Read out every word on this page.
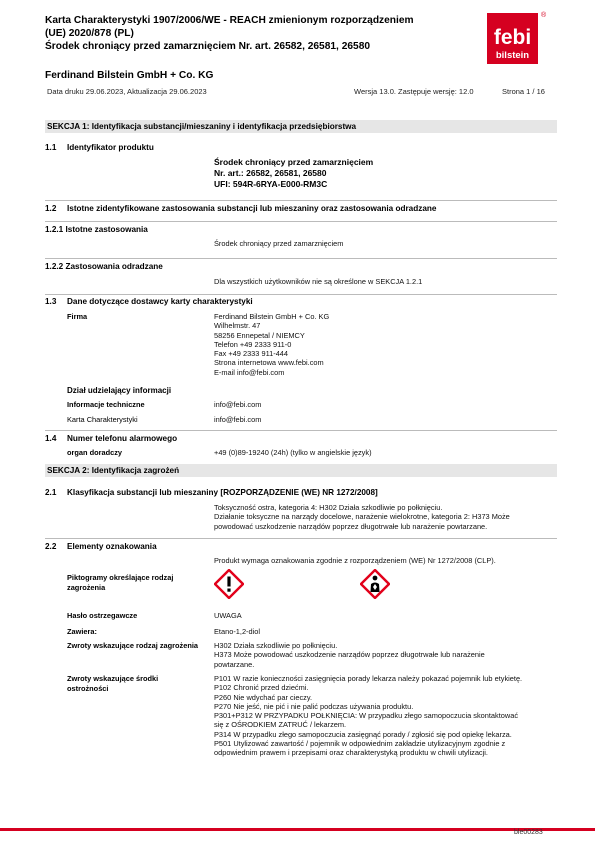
Karta Charakterystyki 1907/2006/WE - REACH zmienionym rozporządzeniem
(UE) 2020/878 (PL)
Środek chroniący przed zamarznięciem Nr. art. 26582, 26581, 26580	febi
bilstein
®
Ferdinand Bilstein GmbH + Co. KG
Data druku 29.06.2023, Aktualizacja 29.06.2023	Wersja 13.0. Zastępuje wersję: 12.0	Strona 1 / 16
SEKCJA 1: Identyfikacja substancji/mieszaniny i identyfikacja przedsiębiorstwa
1.1 Identyfikator produktu
Środek chroniący przed zamarznięciem
Nr. art.: 26582, 26581, 26580
UFI: 594R-6RYA-E000-RM3C
1.2 Istotne zidentyfikowane zastosowania substancji lub mieszaniny oraz zastosowania odradzane
1.2.1 Istotne zastosowania
Środek chroniący przed zamarznięciem
1.2.2 Zastosowania odradzane
Dla wszystkich użytkowników nie są określone w SEKCJA 1.2.1
1.3 Dane dotyczące dostawcy karty charakterystyki
Firma	Ferdinand Bilstein GmbH + Co. KG
Wilhelmstr. 47
58256 Ennepetal / NIEMCY
Telefon +49 2333 911-0
Fax +49 2333 911-444
Strona internetowa www.febi.com
E-mail info@febi.com
Dział udzielający informacji
Informacje techniczne	info@febi.com
Karta Charakterystyki	info@febi.com
1.4 Numer telefonu alarmowego
organ doradczy	+49 (0)89-19240 (24h) (tylko w angielskie język)
SEKCJA 2: Identyfikacja zagrożeń
2.1 Klasyfikacja substancji lub mieszaniny [ROZPORZĄDZENIE (WE) NR 1272/2008]
Toksyczność ostra, kategoria 4: H302 Działa szkodliwie po połknięciu.
Działanie toksyczne na narządy docelowe, narażenie wielokrotne, kategoria 2: H373 Może
powodować uszkodzenie narządów poprzez długotrwałe lub narażenie powtarzane.
2.2 Elementy oznakowania
Produkt wymaga oznakowania zgodnie z rozporządzeniem (WE) Nr 1272/2008 (CLP).
Piktogramy określające rodzaj
zagrożenia
Hasło ostrzegawcze	UWAGA
Zawiera:	Etano-1,2-diol
Zwroty wskazujące rodzaj zagrożenia H302 Działa szkodliwie po połknięciu.
H373 Może powodować uszkodzenie narządów poprzez długotrwałe lub narażenie
powtarzane.
Zwroty wskazujące środki
ostrożności
P101 W razie konieczności zasięgnięcia porady lekarza należy pokazać pojemnik lub etykietę.
P102 Chronić przed dziećmi.
P260 Nie wdychać par cieczy.
P270 Nie jeść, nie pić i nie palić podczas używania produktu.
P301+P312 W PRZYPADKU POŁKNIĘCIA: W przypadku złego samopoczucia skontaktować
się z OŚRODKIEM ZATRUĆ / lekarzem.
P314 W przypadku złego samopoczucia zasięgnąć porady / zgłosić się pod opiekę lekarza.
P501 Utylizować zawartość / pojemnik w odpowiednim zakładzie utylizacyjnym zgodnie z
odpowiednim prawem i przepisami oraz charakterystyką produktu w chwili utylizacji.
ble00283
